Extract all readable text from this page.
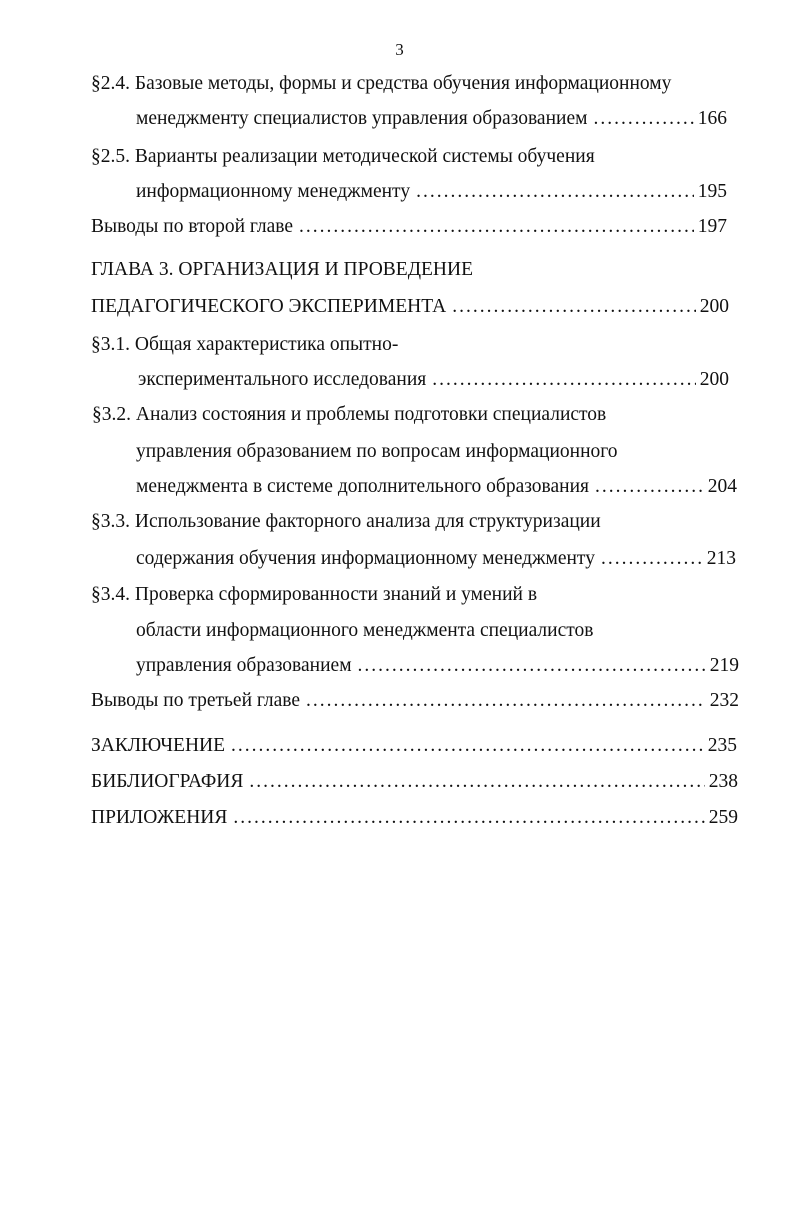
3
§2.4. Базовые методы, формы и средства обучения информационному
менеджменту специалистов управления образованием .....	166
§2.5. Варианты реализации методической системы обучения
информационному менеджменту .....	195
Выводы по второй главе .....	197
ГЛАВА 3. ОРГАНИЗАЦИЯ И ПРОВЕДЕНИЕ
ПЕДАГОГИЧЕСКОГО ЭКСПЕРИМЕНТА .....	200
§3.1. Общая характеристика опытно-
экспериментального исследования .....	200
§3.2. Анализ состояния и проблемы подготовки специалистов
управления образованием по вопросам информационного
менеджмента в системе дополнительного образования .....	204
§3.3. Использование факторного анализа для структуризации
содержания обучения информационному менеджменту .....	213
§3.4. Проверка сформированности знаний и умений в
области информационного менеджмента специалистов
управления образованием .....	219
Выводы по третьей главе .....	232
ЗАКЛЮЧЕНИЕ .....	235
БИБЛИОГРАФИЯ .....	238
ПРИЛОЖЕНИЯ .....	259
